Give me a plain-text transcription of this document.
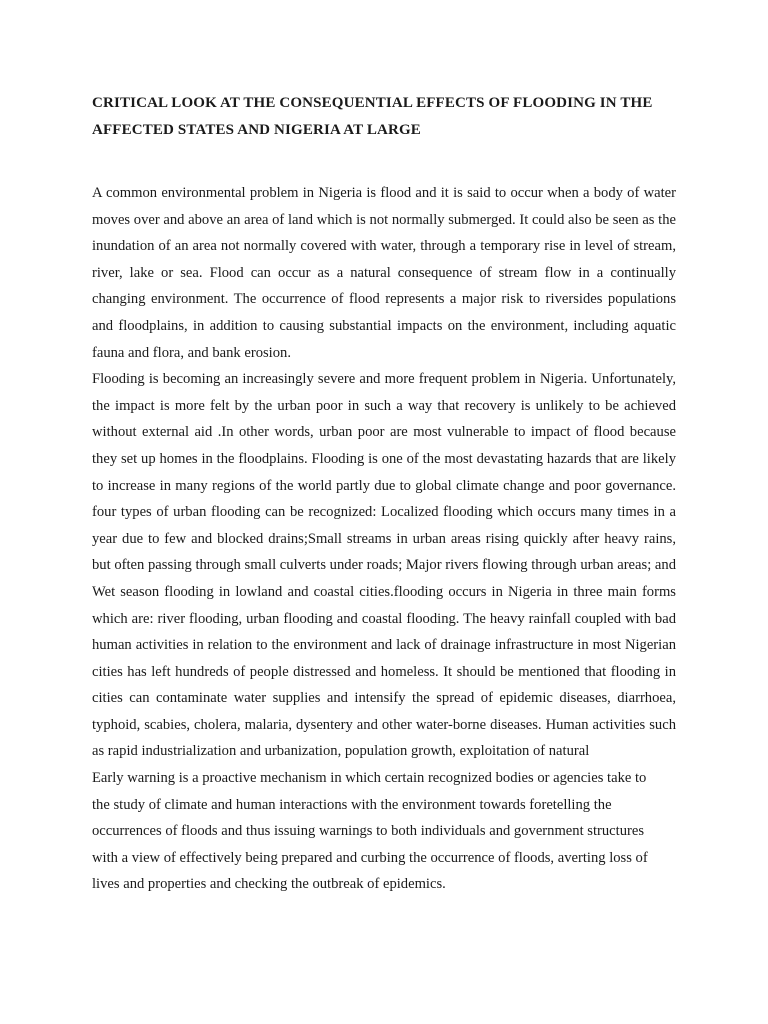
CRITICAL LOOK AT THE CONSEQUENTIAL EFFECTS OF FLOODING IN THE AFFECTED STATES AND NIGERIA AT LARGE

A common environmental problem in Nigeria is flood and it is said to occur when a body of water moves over and above an area of land which is not normally submerged. It could also be seen as the inundation of an area not normally covered with water, through a temporary rise in level of stream, river, lake or sea. Flood can occur as a natural consequence of stream flow in a continually changing environment. The occurrence of flood represents a major risk to riversides populations and floodplains, in addition to causing substantial impacts on the environment, including aquatic fauna and flora, and bank erosion.

Flooding is becoming an increasingly severe and more frequent problem in Nigeria. Unfortunately, the impact is more felt by the urban poor in such a way that recovery is unlikely to be achieved without external aid .In other words, urban poor are most vulnerable to impact of flood because they set up homes in the floodplains. Flooding is one of the most devastating hazards that are likely to increase in many regions of the world partly due to global climate change and poor governance. four types of urban flooding can be recognized: Localized flooding which occurs many times in a year due to few and blocked drains;Small streams in urban areas rising quickly after heavy rains, but often passing through small culverts under roads; Major rivers flowing through urban areas; and Wet season flooding in lowland and coastal cities.flooding occurs in Nigeria in three main forms which are: river flooding, urban flooding and coastal flooding. The heavy rainfall coupled with bad human activities in relation to the environment and lack of drainage infrastructure in most Nigerian cities has left hundreds of people distressed and homeless. It should be mentioned that flooding in cities can contaminate water supplies and intensify the spread of epidemic diseases, diarrhoea, typhoid, scabies, cholera, malaria, dysentery and other water-borne diseases. Human activities such as rapid industrialization and urbanization, population growth, exploitation of natural

Early warning is a proactive mechanism in which certain recognized bodies or agencies take to the study of climate and human interactions with the environment towards foretelling the occurrences of floods and thus issuing warnings to both individuals and government structures with a view of effectively being prepared and curbing the occurrence of floods, averting loss of lives and properties and checking the outbreak of epidemics.
